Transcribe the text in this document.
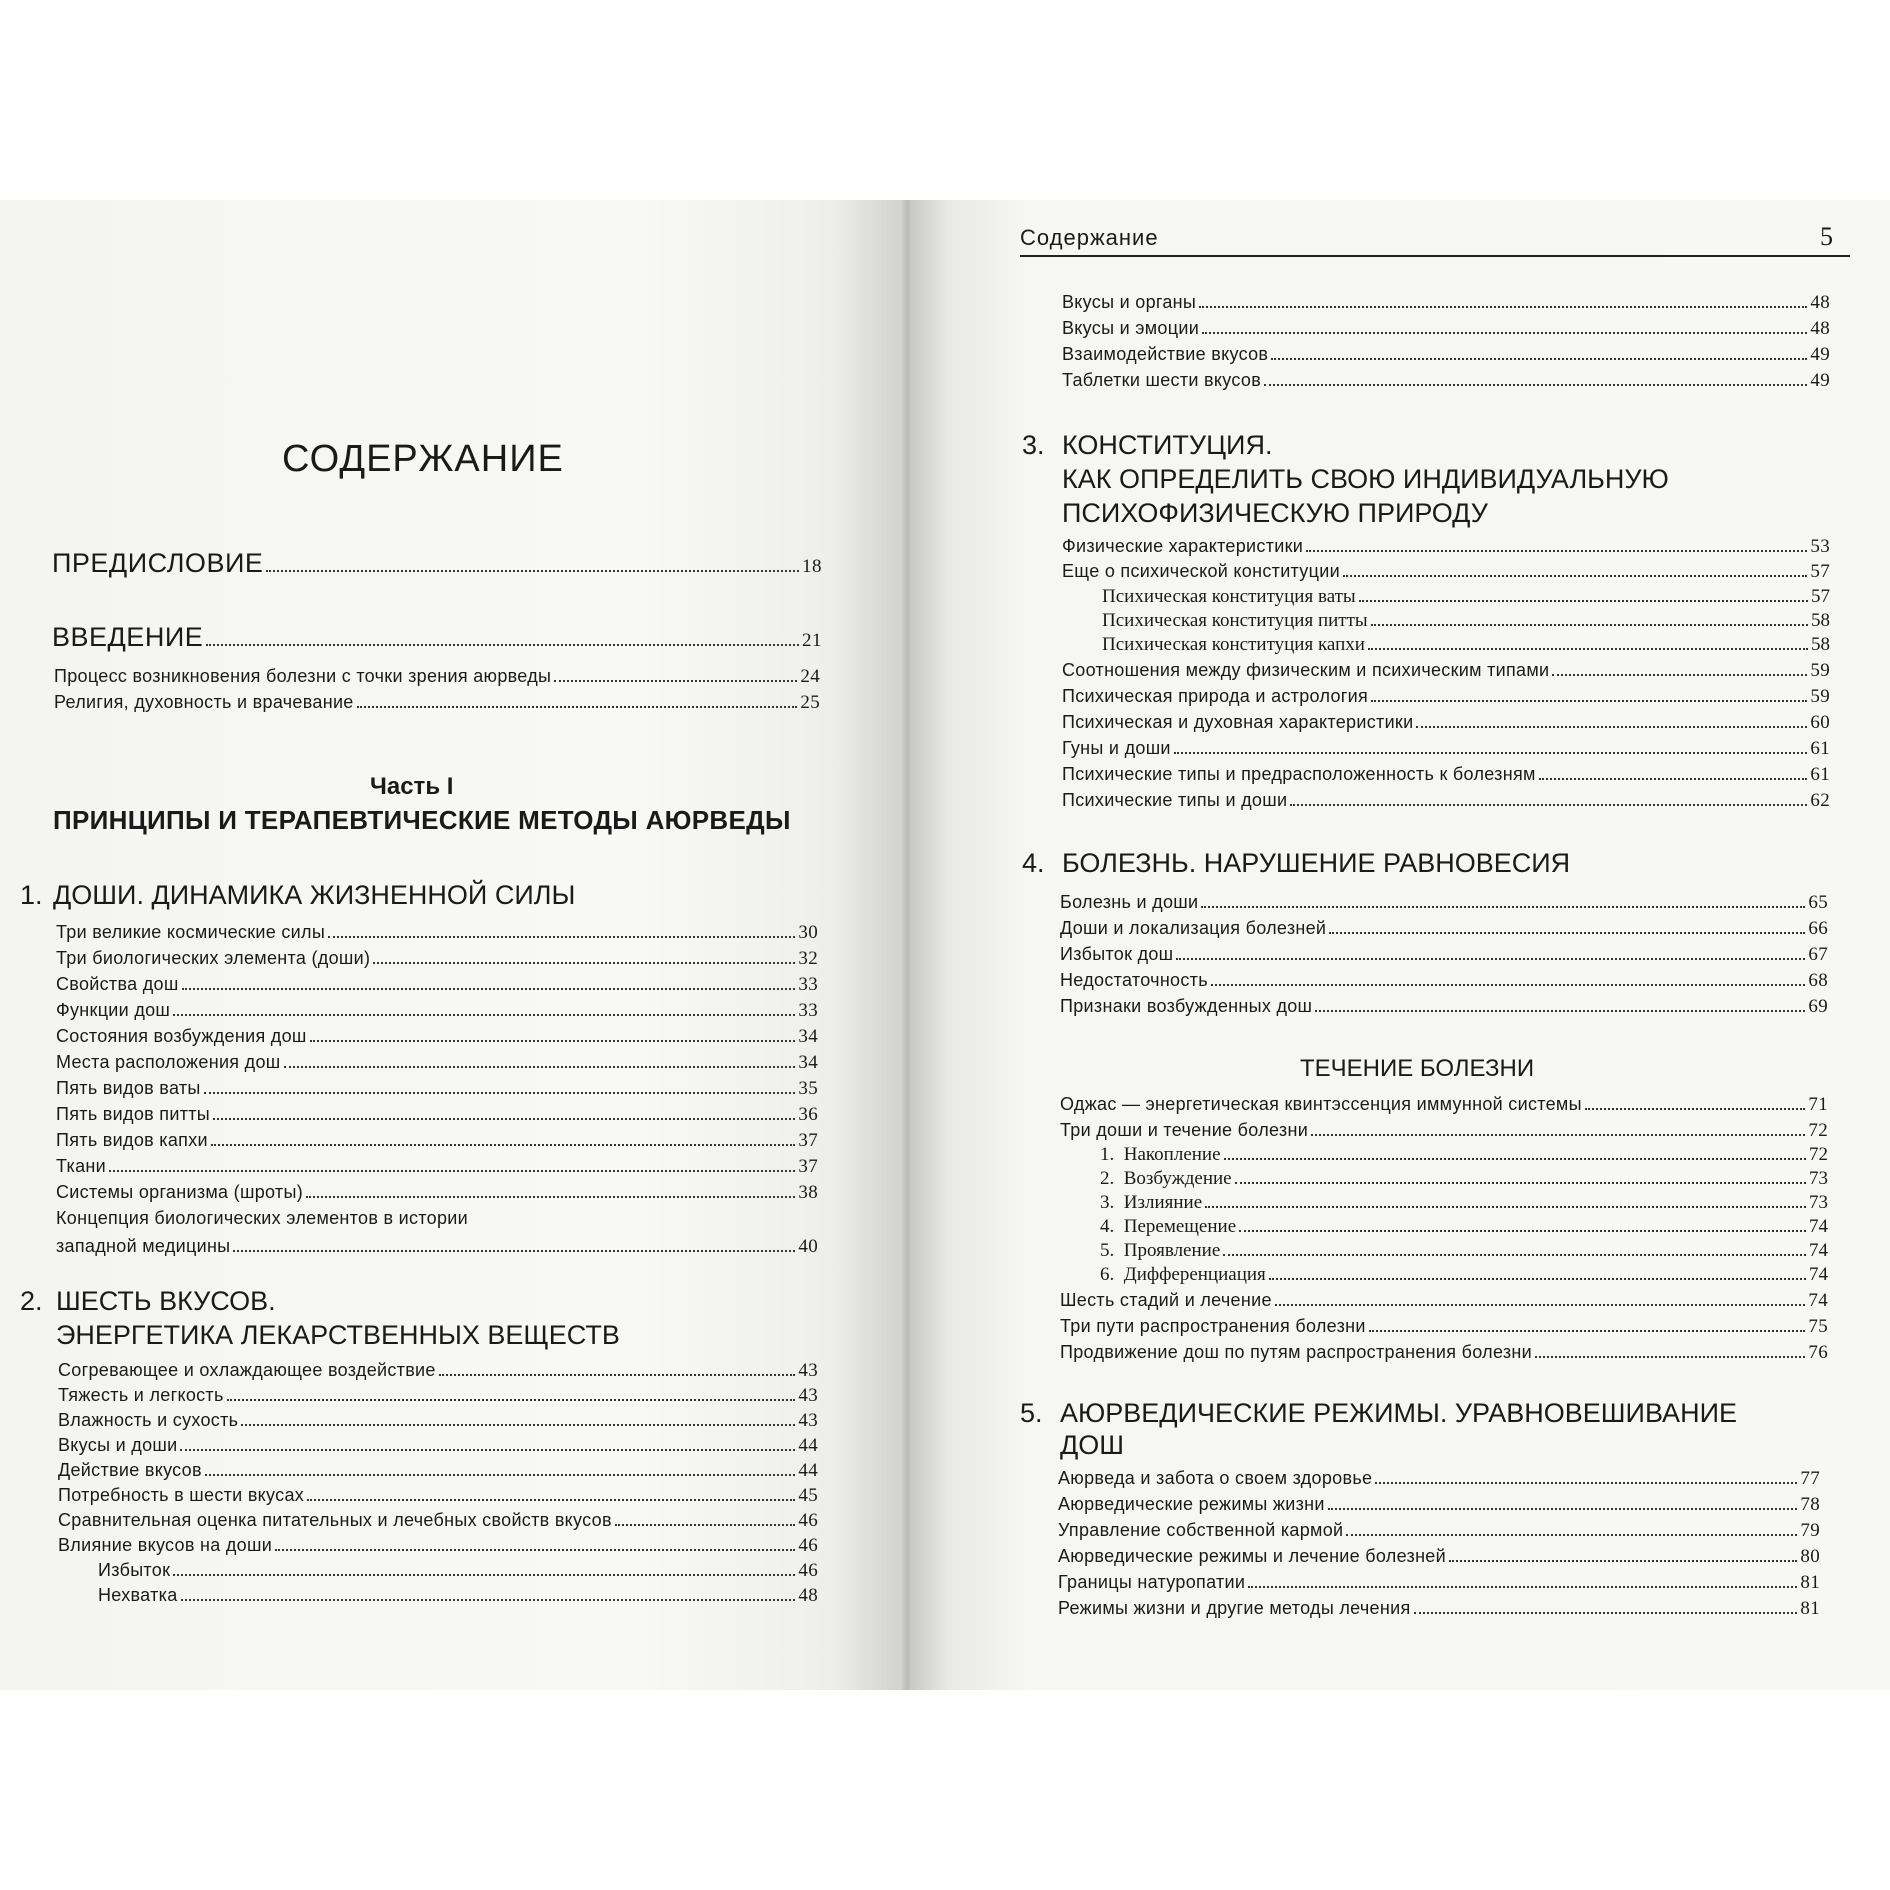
СОДЕРЖАНИЕ
ПРЕДИСЛОВИЕ	18
ВВЕДЕНИЕ	21
Процесс возникновения болезни с точки зрения аюрведы	24
Религия, духовность и врачевание	25
Часть I
ПРИНЦИПЫ И ТЕРАПЕВТИЧЕСКИЕ МЕТОДЫ АЮРВЕДЫ
1. ДОШИ. ДИНАМИКА ЖИЗНЕННОЙ СИЛЫ
Три великие космические силы	30
Три биологических элемента (доши)	32
Свойства дош	33
Функции дош	33
Состояния возбуждения дош	34
Места расположения дош	34
Пять видов ваты	35
Пять видов питты	36
Пять видов капхи	37
Ткани	37
Системы организма (шроты)	38
Концепция биологических элементов в истории
западной медицины	40
2. ШЕСТЬ ВКУСОВ.
ЭНЕРГЕТИКА ЛЕКАРСТВЕННЫХ ВЕЩЕСТВ
Согревающее и охлаждающее воздействие	43
Тяжесть и легкость	43
Влажность и сухость	43
Вкусы и доши	44
Действие вкусов	44
Потребность в шести вкусах	45
Сравнительная оценка питательных и лечебных свойств вкусов	46
Влияние вкусов на доши	46
Избыток	46
Нехватка	48
Содержание	5
Вкусы и органы	48
Вкусы и эмоции	48
Взаимодействие вкусов	49
Таблетки шести вкусов	49
3. КОНСТИТУЦИЯ.
КАК ОПРЕДЕЛИТЬ СВОЮ ИНДИВИДУАЛЬНУЮ
ПСИХОФИЗИЧЕСКУЮ ПРИРОДУ
Физические характеристики	53
Еще о психической конституции	57
Психическая конституция ваты	57
Психическая конституция питты	58
Психическая конституция капхи	58
Соотношения между физическим и психическим типами	59
Психическая природа и астрология	59
Психическая и духовная характеристики	60
Гуны и доши	61
Психические типы и предрасположенность к болезням	61
Психические типы и доши	62
4. БОЛЕЗНЬ. НАРУШЕНИЕ РАВНОВЕСИЯ
Болезнь и доши	65
Доши и локализация болезней	66
Избыток дош	67
Недостаточность	68
Признаки возбужденных дош	69
ТЕЧЕНИЕ БОЛЕЗНИ
Оджас — энергетическая квинтэссенция иммунной системы	71
Три доши и течение болезни	72
1.  Накопление	72
2.  Возбуждение	73
3.  Излияние	73
4.  Перемещение	74
5.  Проявление	74
6.  Дифференциация	74
Шесть стадий и лечение	74
Три пути распространения болезни	75
Продвижение дош по путям распространения болезни	76
5. АЮРВЕДИЧЕСКИЕ РЕЖИМЫ. УРАВНОВЕШИВАНИЕ
ДОШ
Аюрведа и забота о своем здоровье	77
Аюрведические режимы жизни	78
Управление собственной кармой	79
Аюрведические режимы и лечение болезней	80
Границы натуропатии	81
Режимы жизни и другие методы лечения	81
